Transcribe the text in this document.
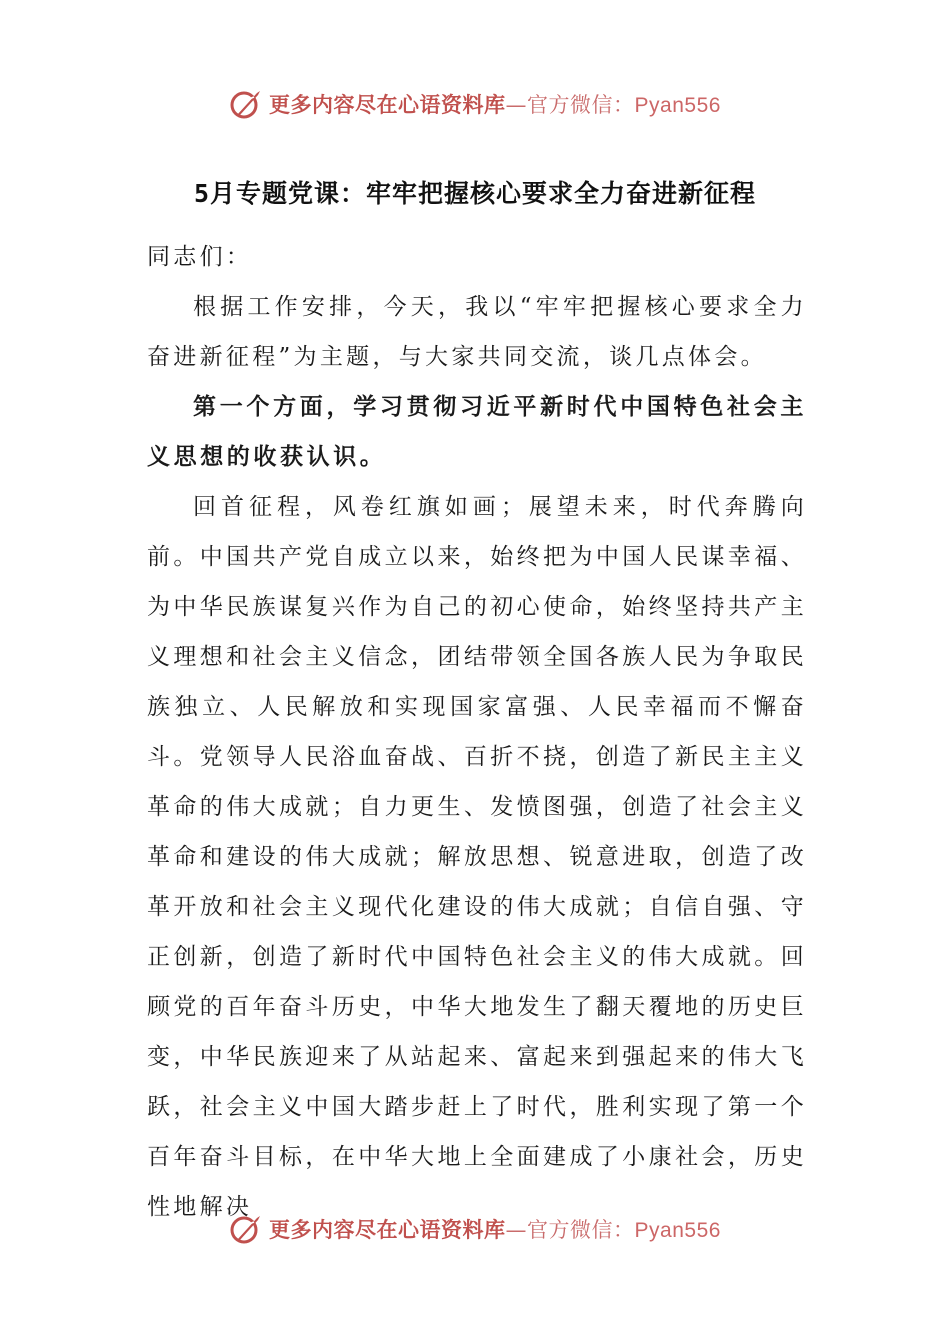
更多内容尽在心语资料库—官方微信：Pyan556
5月专题党课：牢牢把握核心要求全力奋进新征程

同志们：

根据工作安排，今天，我以“牢牢把握核心要求全力奋进新征程”为主题，与大家共同交流，谈几点体会。

第一个方面，学习贯彻习近平新时代中国特色社会主义思想的收获认识。

回首征程，风卷红旗如画；展望未来，时代奔腾向前。中国共产党自成立以来，始终把为中国人民谋幸福、为中华民族谋复兴作为自己的初心使命，始终坚持共产主义理想和社会主义信念，团结带领全国各族人民为争取民族独立、人民解放和实现国家富强、人民幸福而不懈奋斗。党领导人民浴血奋战、百折不挠，创造了新民主主义革命的伟大成就；自力更生、发愤图强，创造了社会主义革命和建设的伟大成就；解放思想、锐意进取，创造了改革开放和社会主义现代化建设的伟大成就；自信自强、守正创新，创造了新时代中国特色社会主义的伟大成就。回顾党的百年奋斗历史，中华大地发生了翻天覆地的历史巨变，中华民族迎来了从站起来、富起来到强起来的伟大飞跃，社会主义中国大踏步赶上了时代，胜利实现了第一个百年奋斗目标，在中华大地上全面建成了小康社会，历史性地解决

更多内容尽在心语资料库—官方微信：Pyan556
